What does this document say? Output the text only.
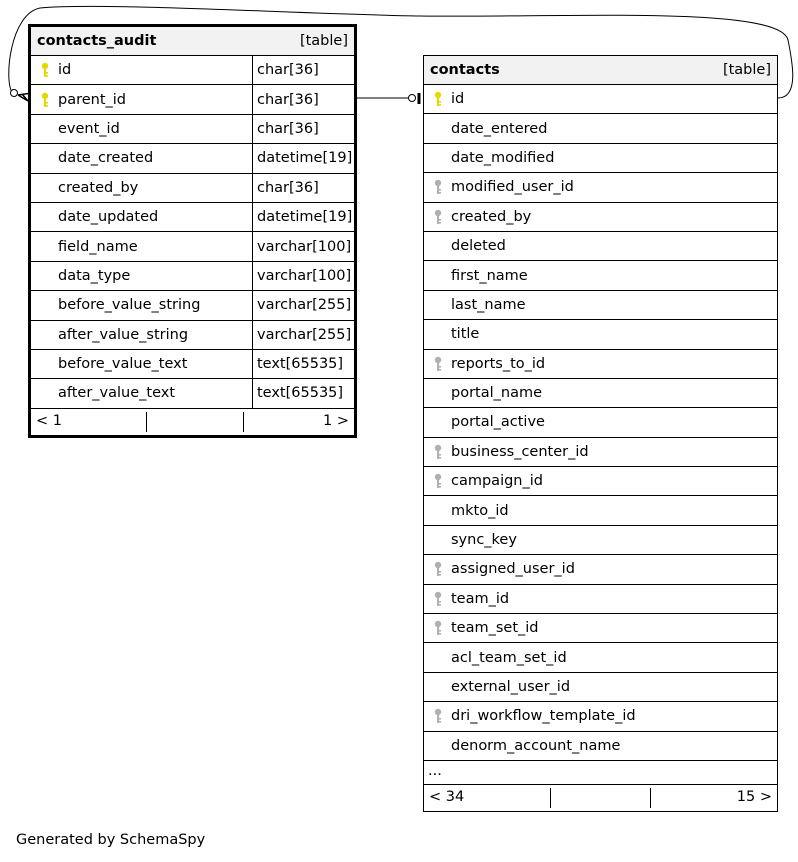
contacts_audit	[table]
id	char[36]
parent_id	char[36]
event_id	char[36]
date_created	datetime[19]
created_by	char[36]
date_updated	datetime[19]
field_name	varchar[100]
data_type	varchar[100]
before_value_string	varchar[255]
after_value_string	varchar[255]
before_value_text	text[65535]
after_value_text	text[65535]
< 1	1 >
contacts	[table]
id
date_entered
date_modified
modified_user_id
created_by
deleted
first_name
last_name
title
reports_to_id
portal_name
portal_active
business_center_id
campaign_id
mkto_id
sync_key
assigned_user_id
team_id
team_set_id
acl_team_set_id
external_user_id
dri_workflow_template_id
denorm_account_name
...
< 34	15 >
Generated by SchemaSpy
